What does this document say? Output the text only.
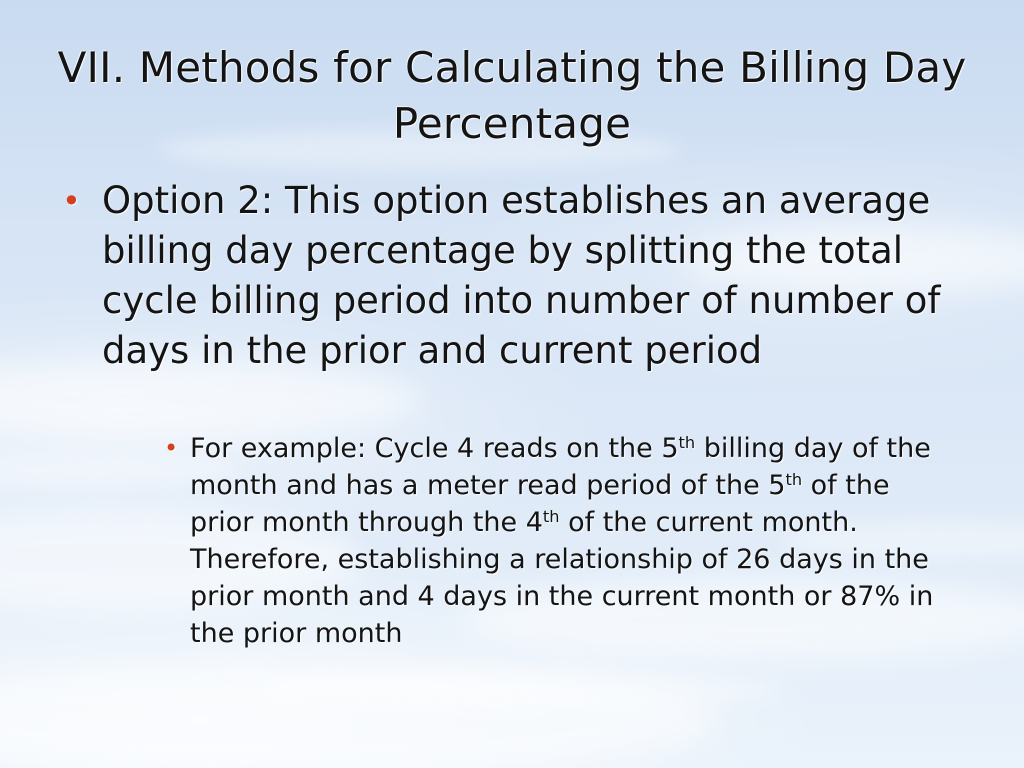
VII. Methods for Calculating the Billing Day Percentage
• Option 2: This option establishes an average billing day percentage by splitting the total cycle billing period into number of number of days in the prior and current period
• For example: Cycle 4 reads on the 5th billing day of the month and has a meter read period of the 5th of the prior month through the 4th of the current month. Therefore, establishing a relationship of 26 days in the prior month and 4 days in the current month or 87% in the prior month
